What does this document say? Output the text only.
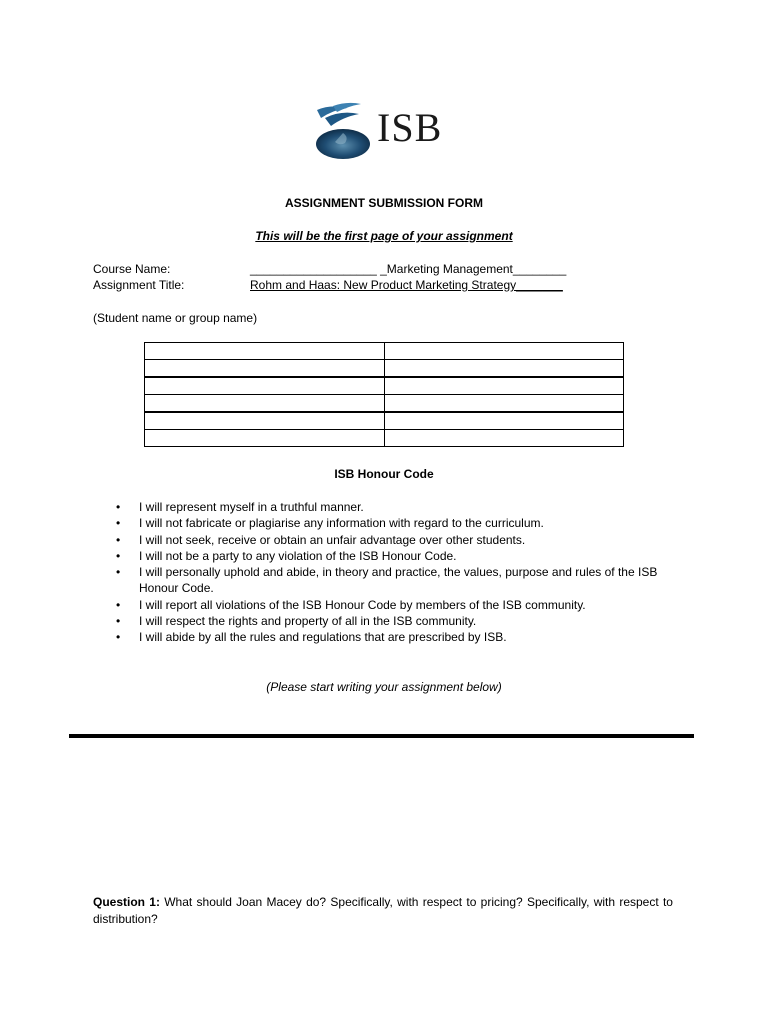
ISB
ASSIGNMENT SUBMISSION FORM
This will be the first page of your assignment
Course Name:	___________________ _Marketing Management________
Assignment Title:	Rohm and Haas: New Product Marketing Strategy_______
(Student name or group name)

ISB Honour Code
• I will represent myself in a truthful manner.
• I will not fabricate or plagiarise any information with regard to the curriculum.
• I will not seek, receive or obtain an unfair advantage over other students.
• I will not be a party to any violation of the ISB Honour Code.
• I will personally uphold and abide, in theory and practice, the values, purpose and rules of the ISB Honour Code.
• I will report all violations of the ISB Honour Code by members of the ISB community.
• I will respect the rights and property of all in the ISB community.
• I will abide by all the rules and regulations that are prescribed by ISB.
(Please start writing your assignment below)
Question 1: What should Joan Macey do? Specifically, with respect to pricing? Specifically, with respect to distribution?
